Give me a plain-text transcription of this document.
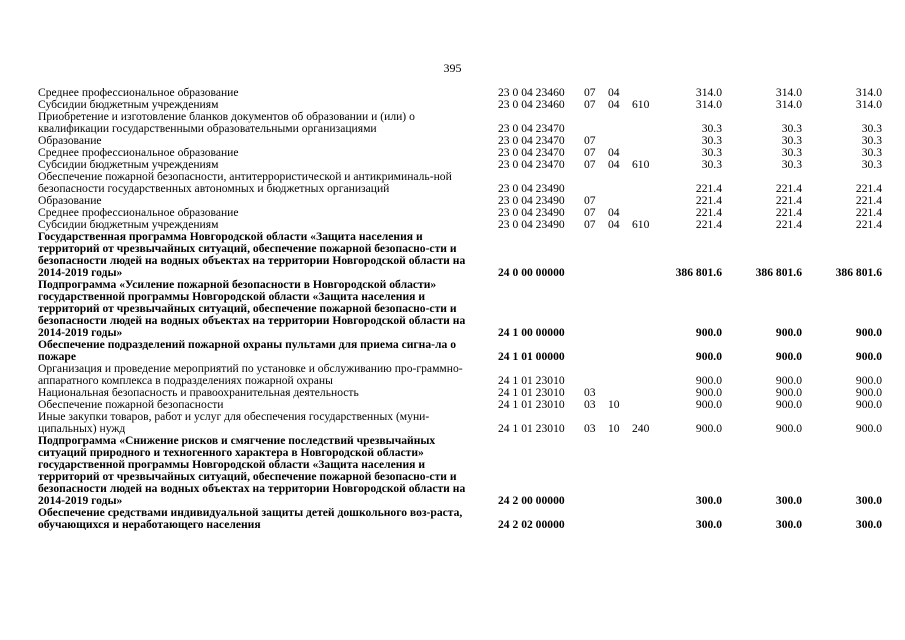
395
Среднее профессиональное образование	23 0 04 23460 07 04	314.0	314.0	314.0
Субсидии бюджетным учреждениям	23 0 04 23460 07 04 610	314.0	314.0	314.0
Приобретение и изготовление бланков документов об образовании и (или) о квалификации государственными образовательными организациями	23 0 04 23470	30.3	30.3	30.3
Образование	23 0 04 23470 07	30.3	30.3	30.3
Среднее профессиональное образование	23 0 04 23470 07 04	30.3	30.3	30.3
Субсидии бюджетным учреждениям	23 0 04 23470 07 04 610	30.3	30.3	30.3
Обеспечение пожарной безопасности, антитеррористической и антикриминаль-ной безопасности государственных автономных и бюджетных организаций	23 0 04 23490	221.4	221.4	221.4
Образование	23 0 04 23490 07	221.4	221.4	221.4
Среднее профессиональное образование	23 0 04 23490 07 04	221.4	221.4	221.4
Субсидии бюджетным учреждениям	23 0 04 23490 07 04 610	221.4	221.4	221.4
Государственная программа Новгородской области «Защита населения и территорий от чрезвычайных ситуаций, обеспечение пожарной безопасно-сти и безопасности людей на водных объектах на территории Новгородской области на 2014-2019 годы»	24 0 00 00000	386 801.6	386 801.6	386 801.6
Подпрограмма «Усиление пожарной безопасности в Новгородской области» государственной программы Новгородской области «Защита населения и территорий от чрезвычайных ситуаций, обеспечение пожарной безопасно-сти и безопасности людей на водных объектах на территории Новгородской области на 2014-2019 годы»	24 1 00 00000	900.0	900.0	900.0
Обеспечение подразделений пожарной охраны пультами для приема сигна-ла о пожаре	24 1 01 00000	900.0	900.0	900.0
Организация и проведение мероприятий по установке и обслуживанию про-граммно-аппаратного комплекса в подразделениях пожарной охраны	24 1 01 23010	900.0	900.0	900.0
Национальная безопасность и правоохранительная деятельность	24 1 01 23010 03	900.0	900.0	900.0
Обеспечение пожарной безопасности	24 1 01 23010 03 10	900.0	900.0	900.0
Иные закупки товаров, работ и услуг для обеспечения государственных (муни-ципальных) нужд	24 1 01 23010 03 10 240	900.0	900.0	900.0
Подпрограмма «Снижение рисков и смягчение последствий чрезвычайных ситуаций природного и техногенного характера в Новгородской области» государственной программы Новгородской области «Защита населения и территорий от чрезвычайных ситуаций, обеспечение пожарной безопасно-сти и безопасности людей на водных объектах на территории Новгородской области на 2014-2019 годы»	24 2 00 00000	300.0	300.0	300.0
Обеспечение средствами индивидуальной защиты детей дошкольного воз-раста, обучающихся и неработающего населения	24 2 02 00000	300.0	300.0	300.0
